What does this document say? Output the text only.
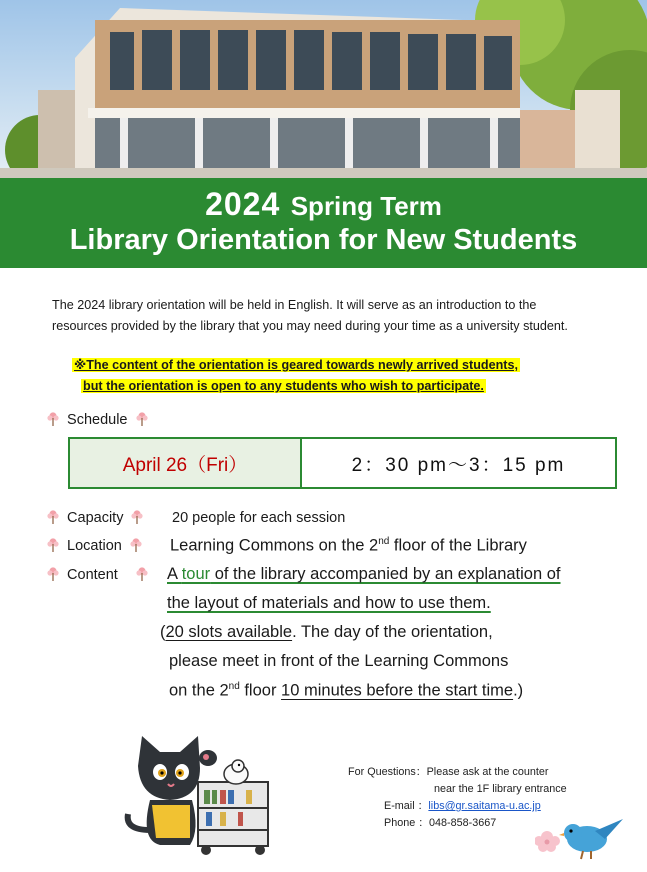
2024 Spring Term
Library Orientation for New Students
The 2024 library orientation will be held in English. It will serve as an introduction to the
resources provided by the library that you may need during your time as a university student.
※The content of the orientation is geared towards newly arrived students,
but the orientation is open to any students who wish to participate.
Schedule
April 26（Fri）	2：30 pm～3：15 pm
Capacity	20 people for each session
Location	Learning Commons on the 2nd floor of the Library
Content	A tour of the library accompanied by an explanation of
the layout of materials and how to use them.
(20 slots available. The day of the orientation,
please meet in front of the Learning Commons
on the 2nd floor 10 minutes before the start time.)
For Questions：Please ask at the counter
near the 1F library entrance
E-mail ：libs@gr.saitama-u.ac.jp
Phone ：048-858-3667
